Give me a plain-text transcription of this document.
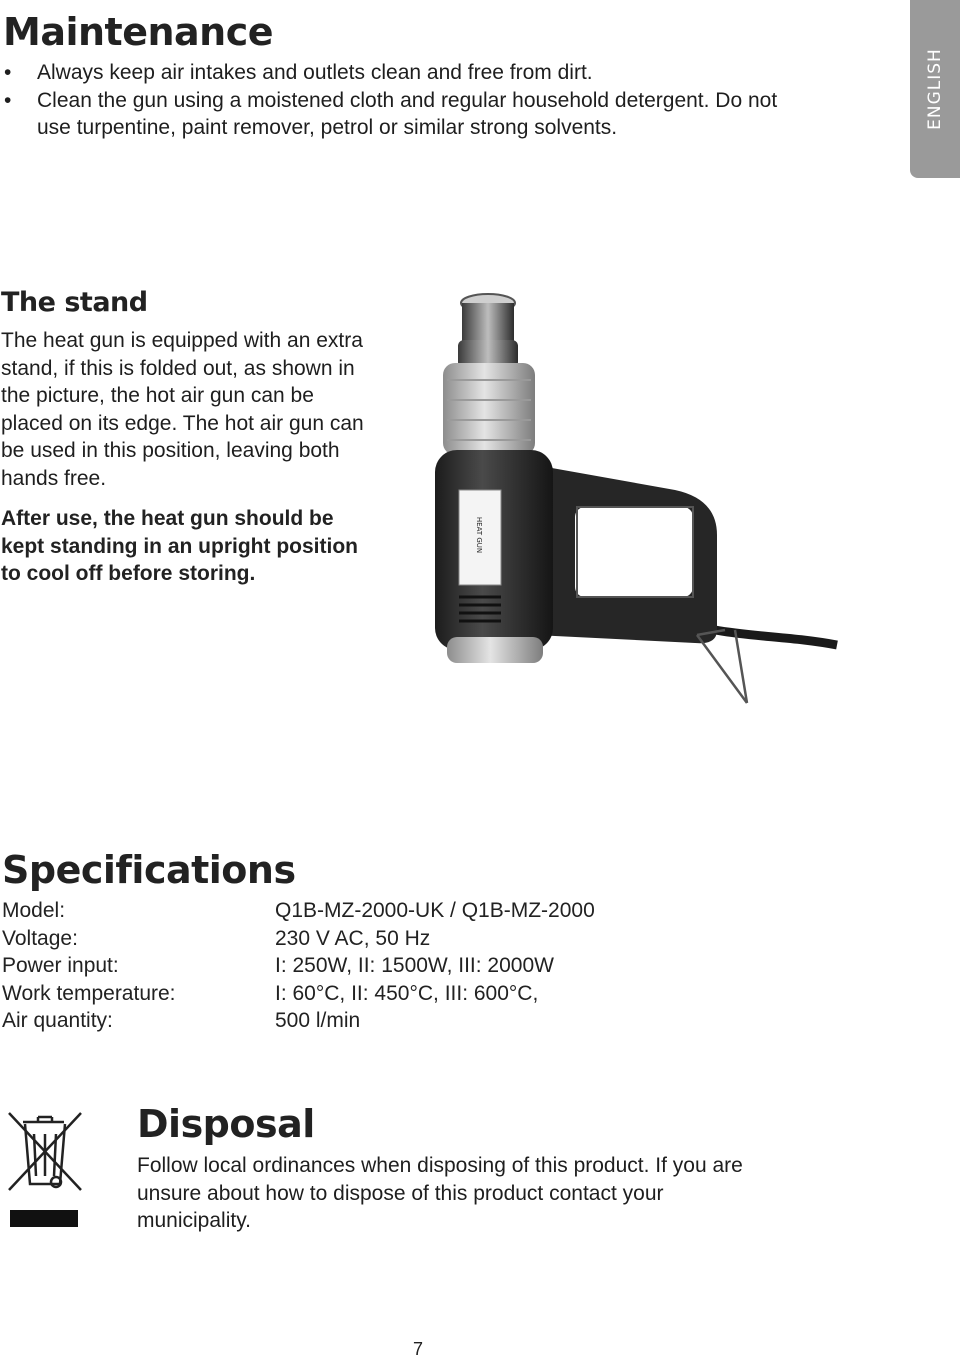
ENGLISH
Maintenance
• Always keep air intakes and outlets clean and free from dirt.
• Clean the gun using a moistened cloth and regular household detergent. Do not use turpentine, paint remover, petrol or similar strong solvents.
The stand

The heat gun is equipped with an extra stand, if this is folded out, as shown in the picture, the hot air gun can be placed on its edge. The hot air gun can be used in this position, leaving both hands free.

After use, the heat gun should be kept standing in an upright position to cool off before storing.

HEAT GUN
Specifications
Model:	Q1B-MZ-2000-UK / Q1B-MZ-2000
Voltage:	230 V AC, 50 Hz
Power input:	I: 250W, II: 1500W, III: 2000W
Work temperature:	I: 60°C, II: 450°C, III: 600°C,
Air quantity:	500 l/min
Disposal

Follow local ordinances when disposing of this product. If you are unsure about how to dispose of this product contact your municipality.

7
